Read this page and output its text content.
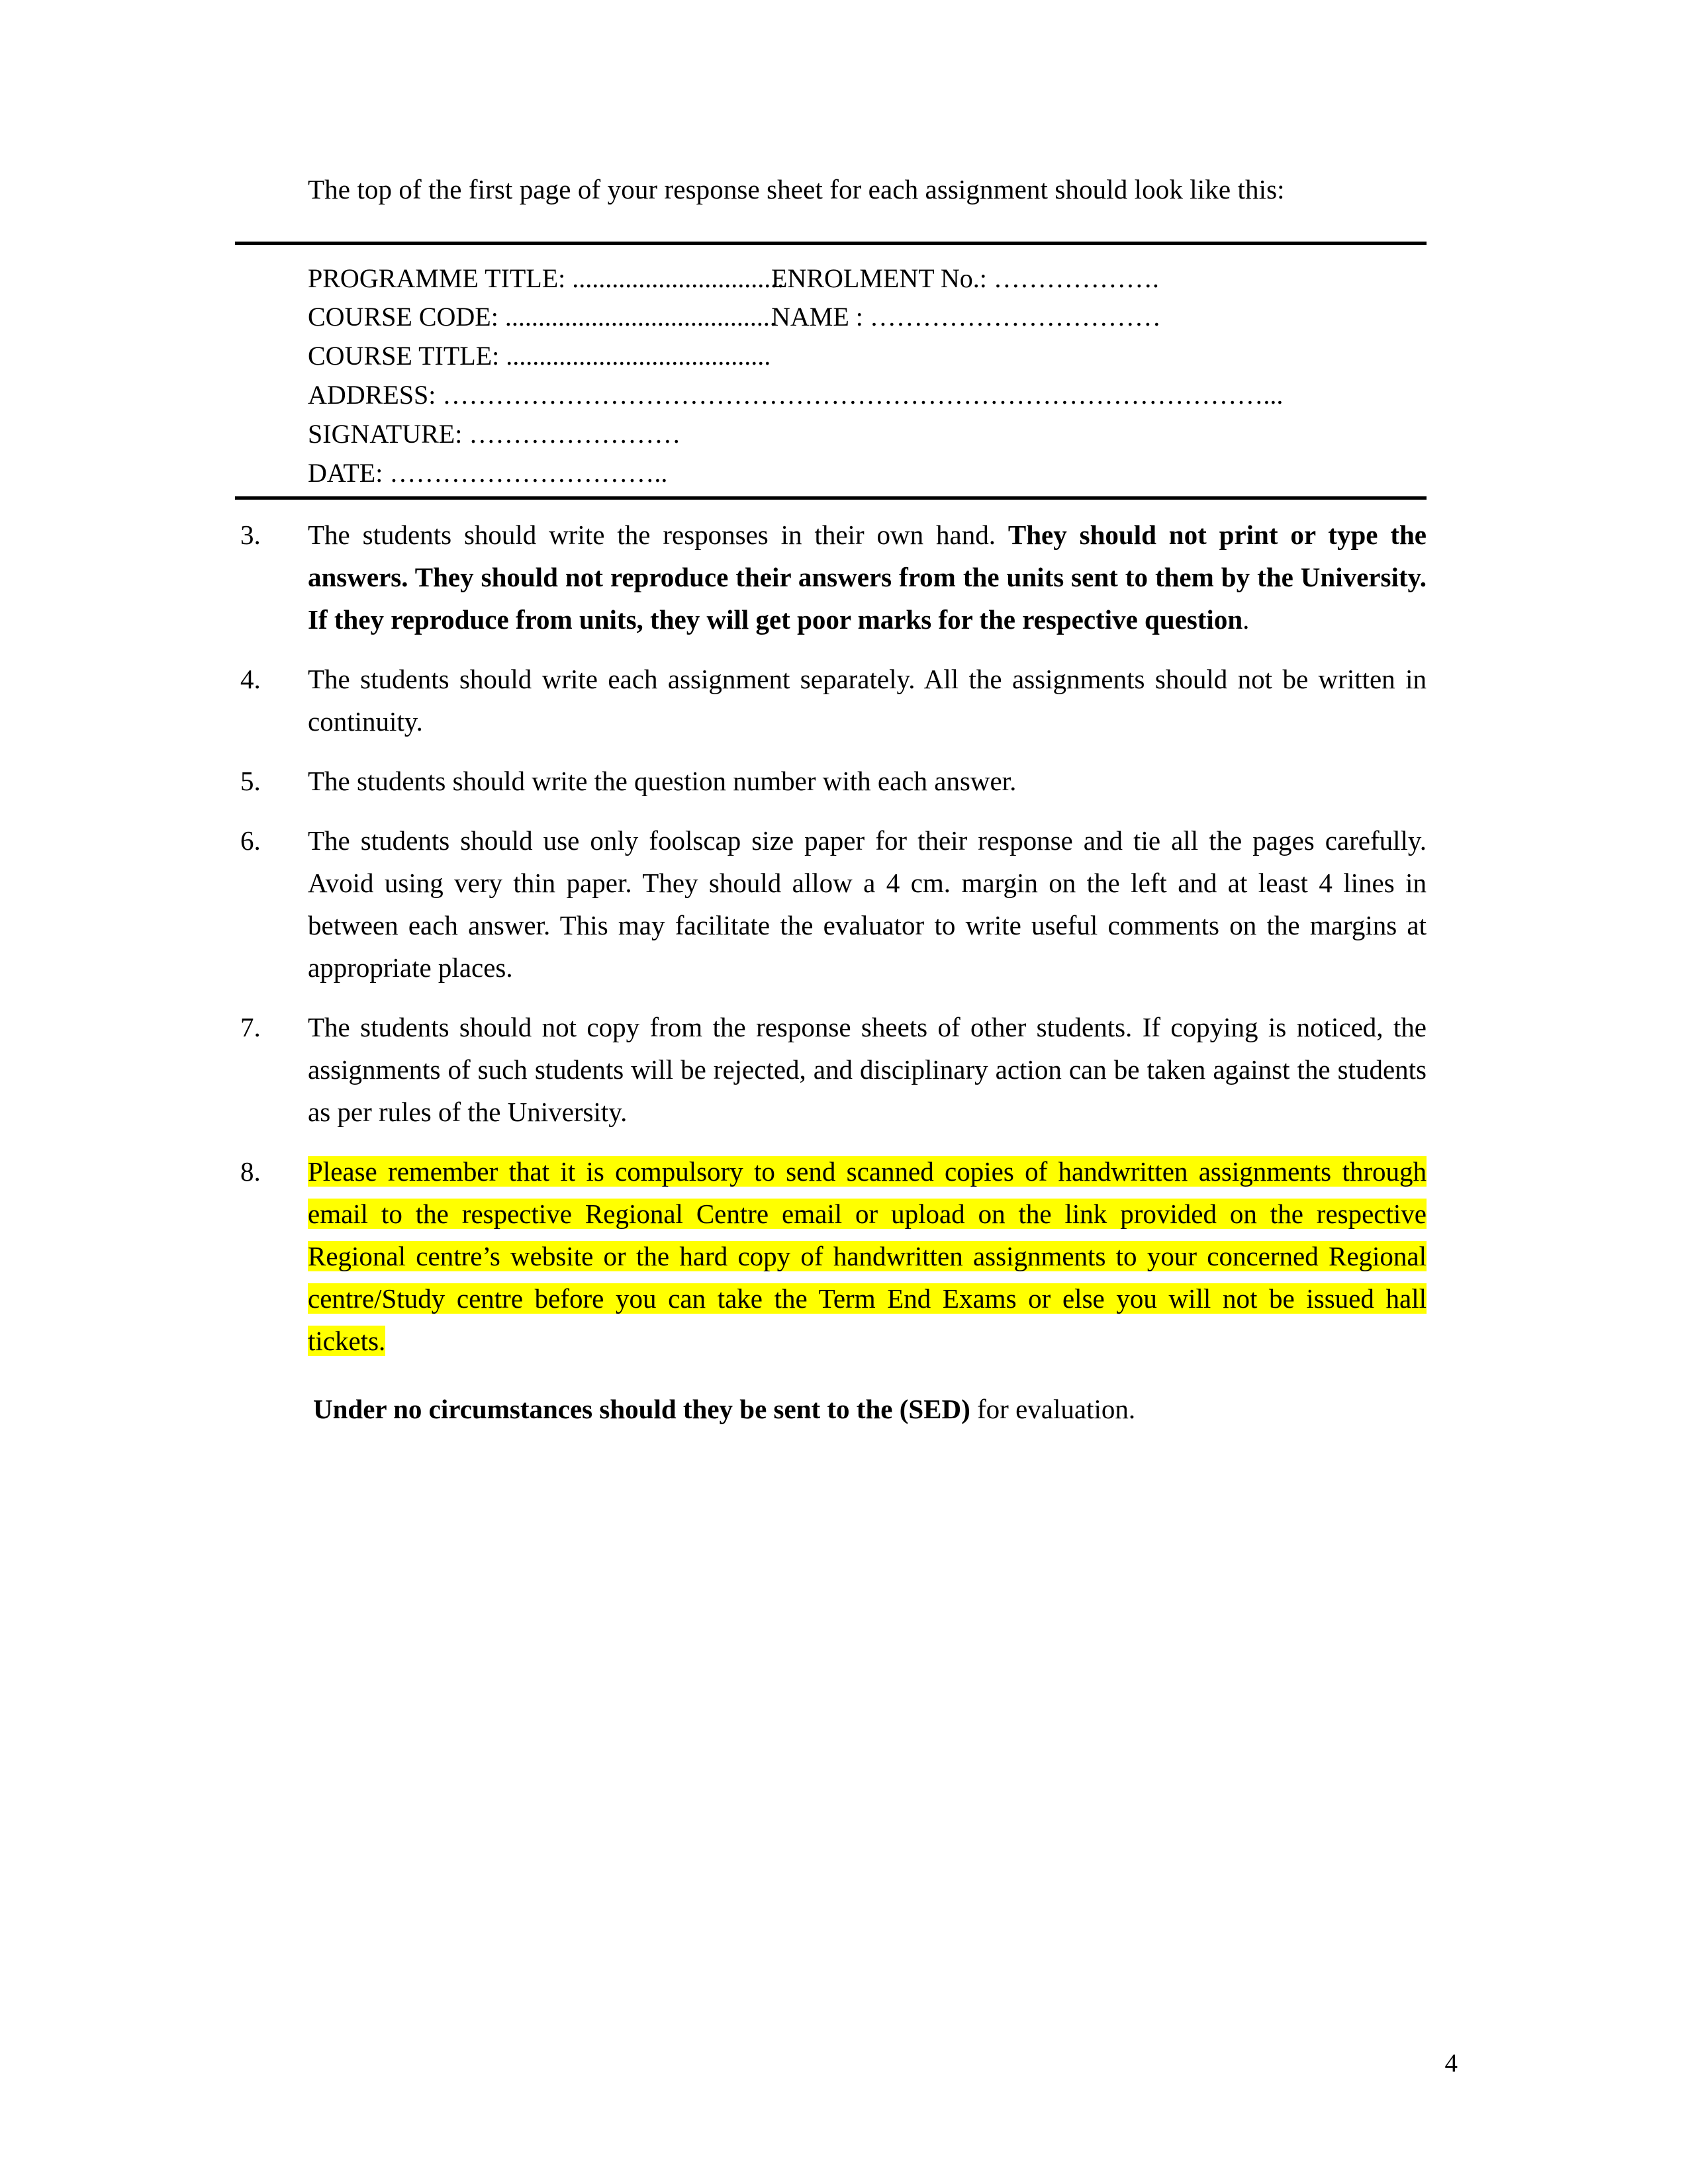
The top of the first page of your response sheet for each assignment should look like this:

PROGRAMME TITLE: ................................
ENROLMENT No.: ……………….
COURSE CODE: .........................................
NAME : ……………………………
COURSE TITLE: ........................................
ADDRESS: …………………………………………………………………………………...
SIGNATURE: ……………………
DATE: …………………………..
3. The students should write the responses in their own hand. They should not print or type the answers. They should not reproduce their answers from the units sent to them by the University. If they reproduce from units, they will get poor marks for the respective question.
4. The students should write each assignment separately. All the assignments should not be written in continuity.
5. The students should write the question number with each answer.
6. The students should use only foolscap size paper for their response and tie all the pages carefully. Avoid using very thin paper. They should allow a 4 cm. margin on the left and at least 4 lines in between each answer. This may facilitate the evaluator to write useful comments on the margins at appropriate places.
7. The students should not copy from the response sheets of other students. If copying is noticed, the assignments of such students will be rejected, and disciplinary action can be taken against the students as per rules of the University.
8. Please remember that it is compulsory to send scanned copies of handwritten assignments through email to the respective Regional Centre email or upload on the link provided on the respective Regional centre’s website or the hard copy of handwritten assignments to your concerned Regional centre/Study centre before you can take the Term End Exams or else you will not be issued hall tickets.

Under no circumstances should they be sent to the (SED) for evaluation.

4
